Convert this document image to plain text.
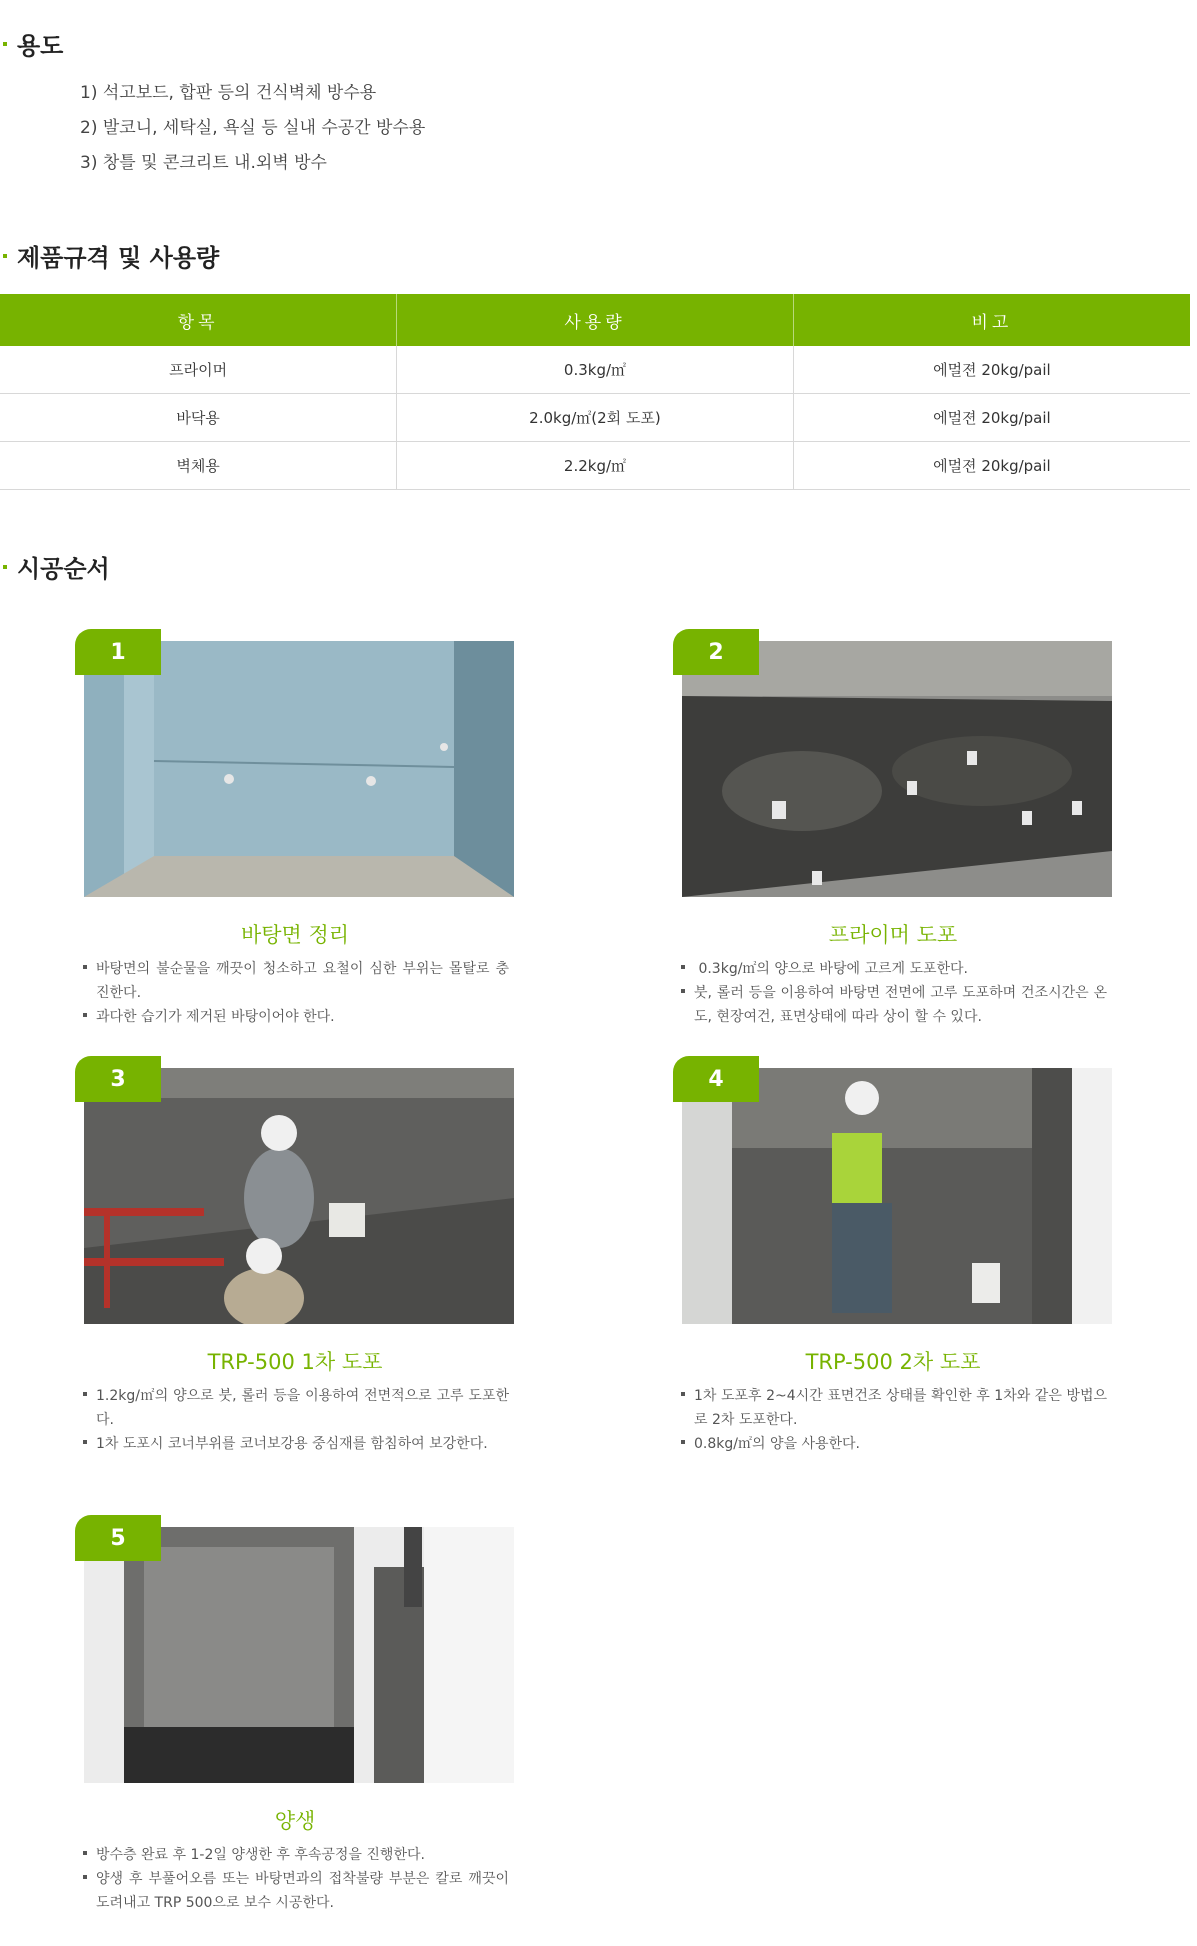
용도
1) 석고보드, 합판 등의 건식벽체 방수용
2) 발코니, 세탁실, 욕실 등 실내 수공간 방수용
3) 창틀 및 콘크리트 내.외벽 방수
제품규격 및 사용량
항목	사용량	비고
프라이머	0.3kg/㎡	에멀젼 20kg/pail
바닥용	2.0kg/㎡(2회 도포)	에멀젼 20kg/pail
벽체용	2.2kg/㎡	에멀젼 20kg/pail
시공순서
1
바탕면 정리
바탕면의 불순물을 깨끗이 청소하고 요철이 심한 부위는 몰탈로 충진한다.
과다한 습기가 제거된 바탕이어야 한다.
2
프라이머 도포
0.3kg/㎡의 양으로 바탕에 고르게 도포한다.
붓, 롤러 등을 이용하여 바탕면 전면에 고루 도포하며 건조시간은 온도, 현장여건, 표면상태에 따라 상이 할 수 있다.
3
TRP-500 1차 도포
1.2kg/㎡의 양으로 붓, 롤러 등을 이용하여 전면적으로 고루 도포한다.
1차 도포시 코너부위를 코너보강용 중심재를 함침하여 보강한다.
4
TRP-500 2차 도포
1차 도포후 2~4시간 표면건조 상태를 확인한 후 1차와 같은 방법으로 2차 도포한다.
0.8kg/㎡의 양을 사용한다.
5
양생
방수층 완료 후 1-2일 양생한 후 후속공정을 진행한다.
양생 후 부풀어오름 또는 바탕면과의 접착불량 부분은 칼로 깨끗이 도려내고 TRP 500으로 보수 시공한다.
